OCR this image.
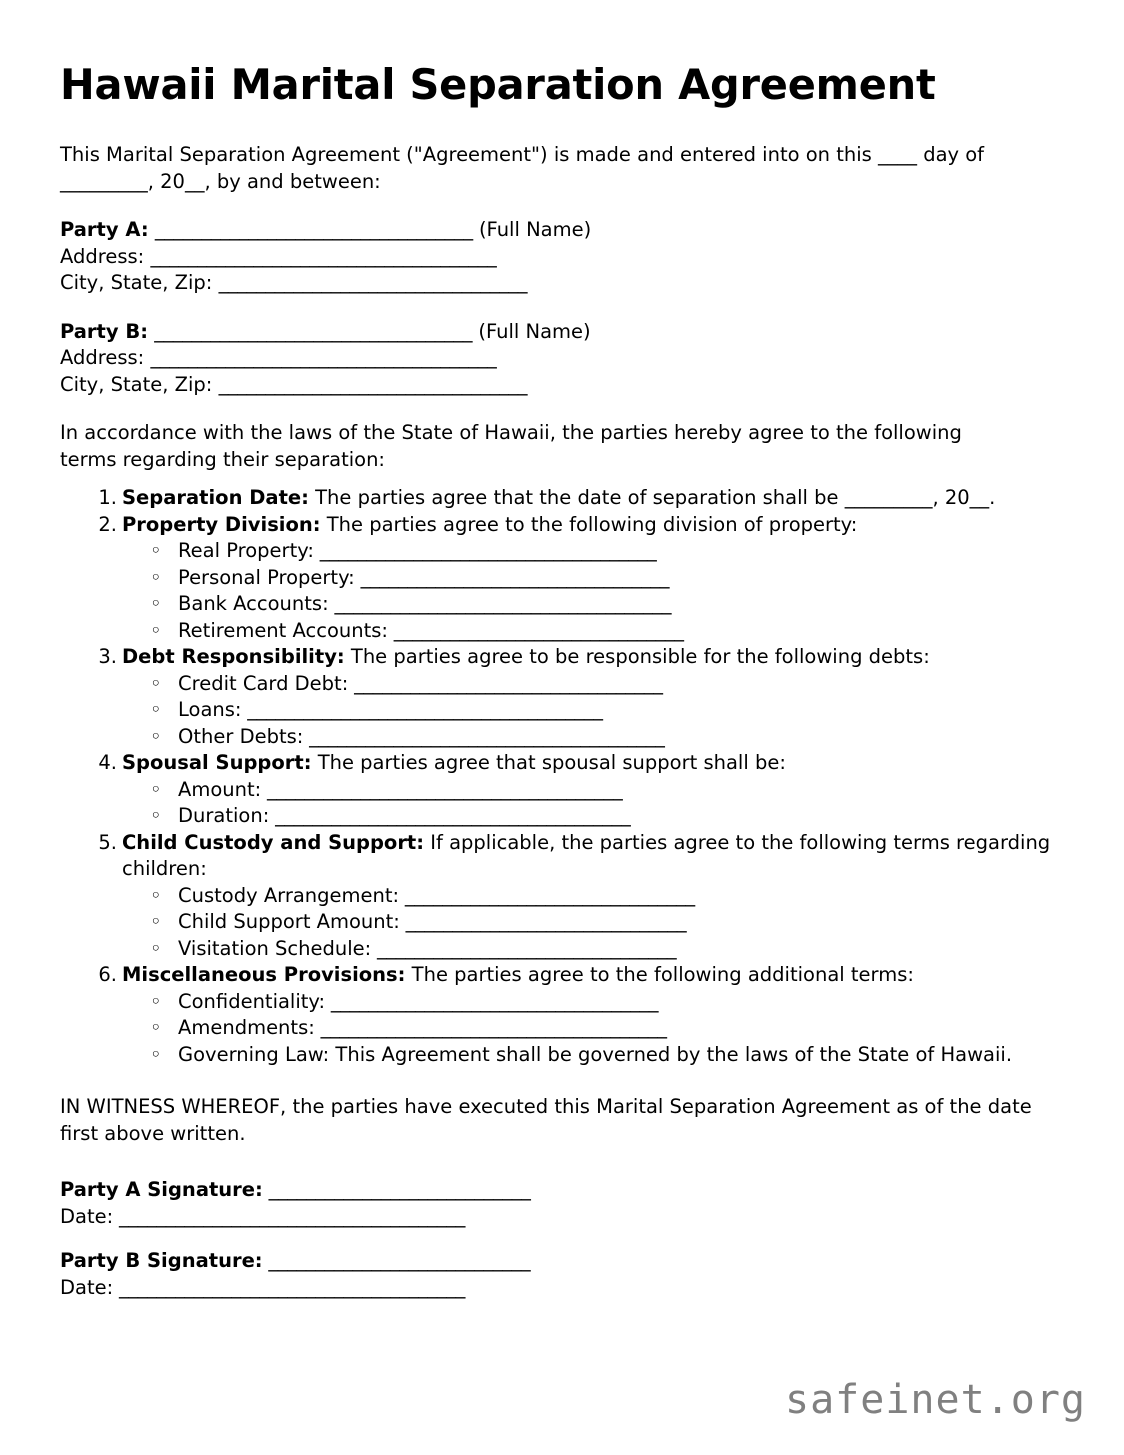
Hawaii Marital Separation Agreement

This Marital Separation Agreement ("Agreement") is made and entered into on this ____ day of _________, 20__, by and between:

Party A: __________________________________ (Full Name)
Address: _____________________________________
City, State, Zip: _________________________________
Party B: __________________________________ (Full Name)
Address: _____________________________________
City, State, Zip: _________________________________

In accordance with the laws of the State of Hawaii, the parties hereby agree to the following terms regarding their separation:

Separation Date: The parties agree that the date of separation shall be _________, 20__.
Property Division: The parties agree to the following division of property:
◦ Real Property: ____________________________________
◦ Personal Property: _________________________________
◦ Bank Accounts: ____________________________________
◦ Retirement Accounts: _______________________________
Debt Responsibility: The parties agree to be responsible for the following debts:
◦ Credit Card Debt: _________________________________
◦ Loans: ______________________________________
◦ Other Debts: ______________________________________
Spousal Support: The parties agree that spousal support shall be:
◦ Amount: ______________________________________
◦ Duration: ______________________________________
Child Custody and Support: If applicable, the parties agree to the following terms regarding children:
◦ Custody Arrangement: _______________________________
◦ Child Support Amount: ______________________________
◦ Visitation Schedule: ________________________________
Miscellaneous Provisions: The parties agree to the following additional terms:
◦ Confidentiality: ___________________________________
◦ Amendments: _____________________________________
◦ Governing Law: This Agreement shall be governed by the laws of the State of Hawaii.

IN WITNESS WHEREOF, the parties have executed this Marital Separation Agreement as of the date first above written.

Party A Signature: ____________________________
Date: _____________________________________
Party B Signature: ____________________________
Date: _____________________________________
safeinet.org
